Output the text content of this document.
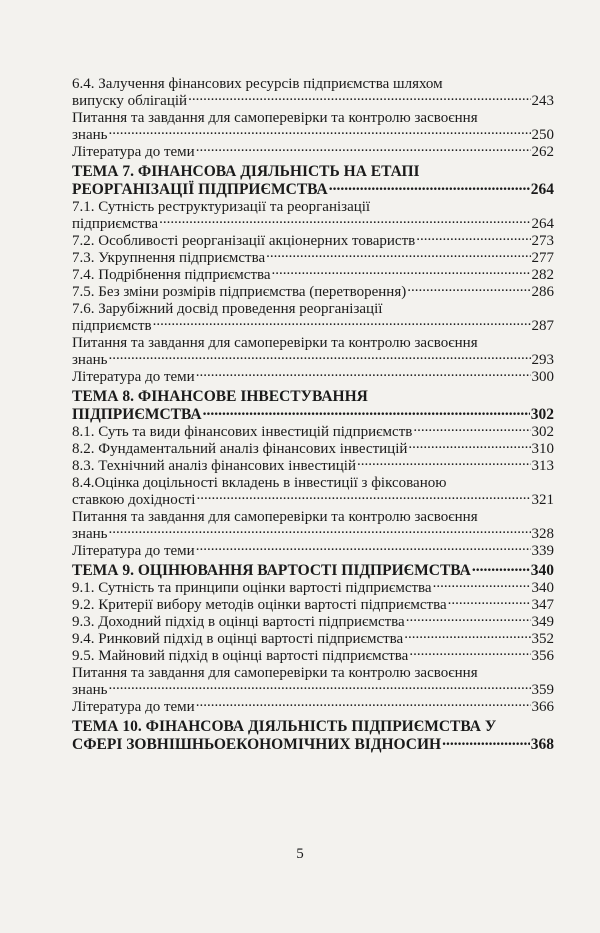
6.4. Залучення фінансових ресурсів підприємства шляхом
випуску облігацій .....	243
Питання та завдання для самоперевірки та контролю засвоєння
знань .....	250
Література до теми .....	262
ТЕМА 7. ФІНАНСОВА ДІЯЛЬНІСТЬ НА ЕТАПІ
РЕОРГАНІЗАЦІЇ ПІДПРИЄМСТВА .....	264
7.1. Сутність реструктуризації та реорганізації
підприємства .....	264
7.2. Особливості реорганізації акціонерних товариств .....	273
7.3. Укрупнення підприємства .....	277
7.4. Подрібнення підприємства .....	282
7.5. Без зміни розмірів підприємства (перетворення) .....	286
7.6. Зарубіжний досвід проведення реорганізації
підприємств .....	287
Питання та завдання для самоперевірки та контролю засвоєння
знань .....	293
Література до теми .....	300
ТЕМА 8. ФІНАНСОВЕ ІНВЕСТУВАННЯ
ПІДПРИЄМСТВА .....	302
8.1. Суть та види фінансових інвестицій підприємств .....	302
8.2. Фундаментальний аналіз фінансових інвестицій .....	310
8.3. Технічний аналіз фінансових інвестицій .....	313
8.4.Оцінка доцільності вкладень в інвестиції з фіксованою
ставкою дохідності .....	321
Питання та завдання для самоперевірки та контролю засвоєння
знань .....	328
Література до теми .....	339
ТЕМА 9. ОЦІНЮВАННЯ ВАРТОСТІ ПІДПРИЄМСТВА .....	340
9.1. Сутність та принципи оцінки вартості підприємства .....	340
9.2. Критерії вибору методів оцінки вартості підприємства .....	347
9.3. Доходний підхід в оцінці вартості підприємства .....	349
9.4. Ринковий підхід в оцінці вартості підприємства .....	352
9.5. Майновий підхід в оцінці вартості підприємства .....	356
Питання та завдання для самоперевірки та контролю засвоєння
знань .....	359
Література до теми .....	366
ТЕМА 10. ФІНАНСОВА ДІЯЛЬНІСТЬ ПІДПРИЄМСТВА У
СФЕРІ ЗОВНІШНЬОЕКОНОМІЧНИХ ВІДНОСИН .....	368
5
